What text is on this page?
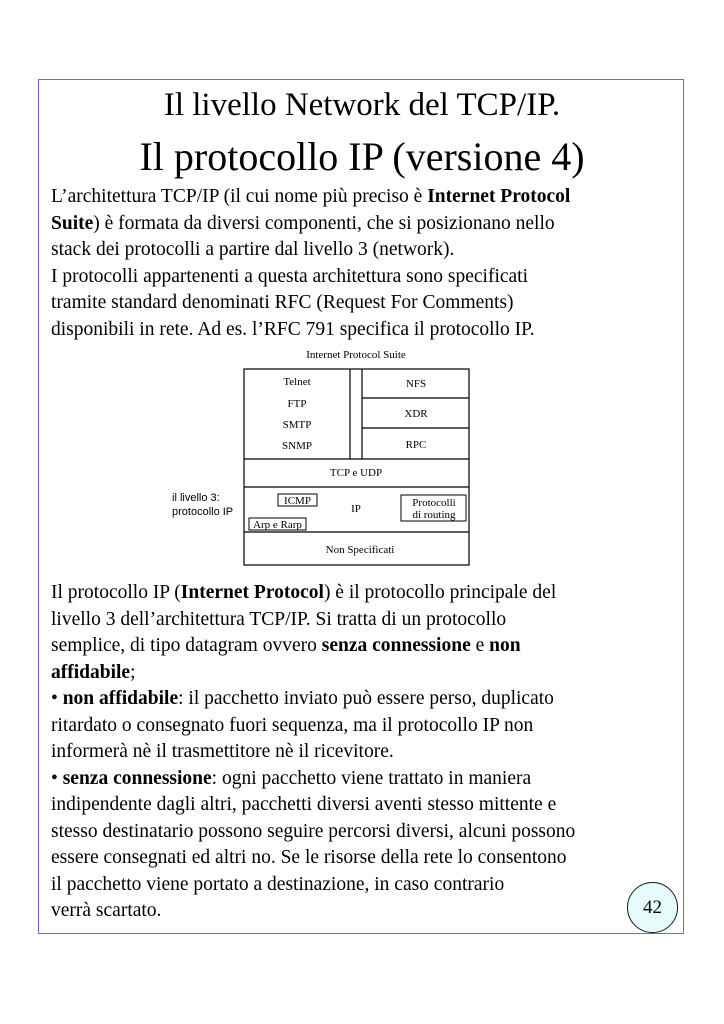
Il livello Network del TCP/IP.
Il protocollo IP (versione 4)
L’architettura TCP/IP (il cui nome più preciso è Internet Protocol
Suite) è formata da diversi componenti, che si posizionano nello
stack dei protocolli a partire dal livello 3 (network).
I protocolli appartenenti a questa architettura sono specificati
tramite standard denominati RFC (Request For Comments)
disponibili in rete. Ad es. l’RFC 791 specifica il protocollo IP.
Internet Protocol Suite
Telnet
FTP
SMTP
SNMP
NFS
XDR
RPC
TCP e UDP
ICMP
IP	Protocolli
di routing
Arp e Rarp
Non Specificati
il livello 3:
protocollo IP
Il protocollo IP (Internet Protocol) è il protocollo principale del
livello 3 dell’architettura TCP/IP. Si tratta di un protocollo
semplice, di tipo datagram ovvero senza connessione e non
affidabile;
• non affidabile: il pacchetto inviato può essere perso, duplicato
ritardato o consegnato fuori sequenza, ma il protocollo IP non
informerà nè il trasmettitore nè il ricevitore.
• senza connessione: ogni pacchetto viene trattato in maniera
indipendente dagli altri, pacchetti diversi aventi stesso mittente e
stesso destinatario possono seguire percorsi diversi, alcuni possono
essere consegnati ed altri no. Se le risorse della rete lo consentono
il pacchetto viene portato a destinazione, in caso contrario
verrà scartato.	42
